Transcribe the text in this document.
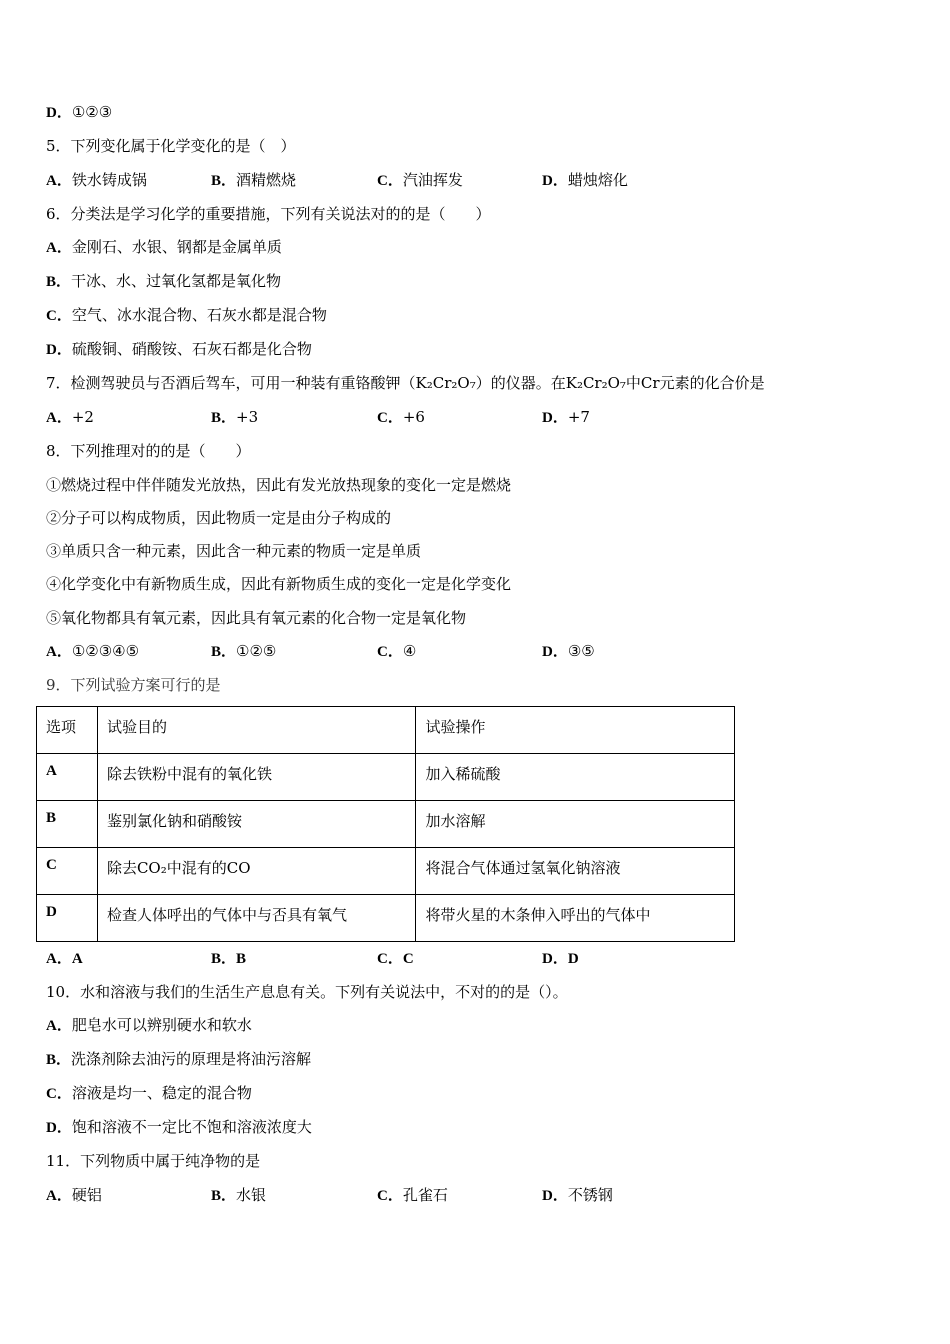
D．①②③
5．下列变化属于化学变化的是（　）
A．铁水铸成锅	B．酒精燃烧	C．汽油挥发	D．蜡烛熔化
6．分类法是学习化学的重要措施，下列有关说法对的的是（　　）
A．金刚石、水银、钢都是金属单质
B．干冰、水、过氧化氢都是氧化物
C．空气、冰水混合物、石灰水都是混合物
D．硫酸铜、硝酸铵、石灰石都是化合物
7．检测驾驶员与否酒后驾车，可用一种装有重铬酸钾（K₂Cr₂O₇）的仪器。在K₂Cr₂O₇中Cr元素的化合价是
A．+2	B．+3	C．+6	D．+7
8．下列推理对的的是（　　）
①燃烧过程中伴伴随发光放热，因此有发光放热现象的变化一定是燃烧
②分子可以构成物质，因此物质一定是由分子构成的
③单质只含一种元素，因此含一种元素的物质一定是单质
④化学变化中有新物质生成，因此有新物质生成的变化一定是化学变化
⑤氧化物都具有氧元素，因此具有氧元素的化合物一定是氧化物
A．①②③④⑤	B．①②⑤	C．④	D．③⑤
9．下列试验方案可行的是
选项	试验目的	试验操作
A	除去铁粉中混有的氧化铁	加入稀硫酸
B	鉴别氯化钠和硝酸铵	加水溶解
C	除去CO₂中混有的CO	将混合气体通过氢氧化钠溶液
D	检查人体呼出的气体中与否具有氧气	将带火星的木条伸入呼出的气体中
A．A	B．B	C．C	D．D
10．水和溶液与我们的生活生产息息有关。下列有关说法中，不对的的是（）。
A．肥皂水可以辨别硬水和软水
B．洗涤剂除去油污的原理是将油污溶解
C．溶液是均一、稳定的混合物
D．饱和溶液不一定比不饱和溶液浓度大
11．下列物质中属于纯净物的是
A．硬铝	B．水银	C．孔雀石	D．不锈钢
